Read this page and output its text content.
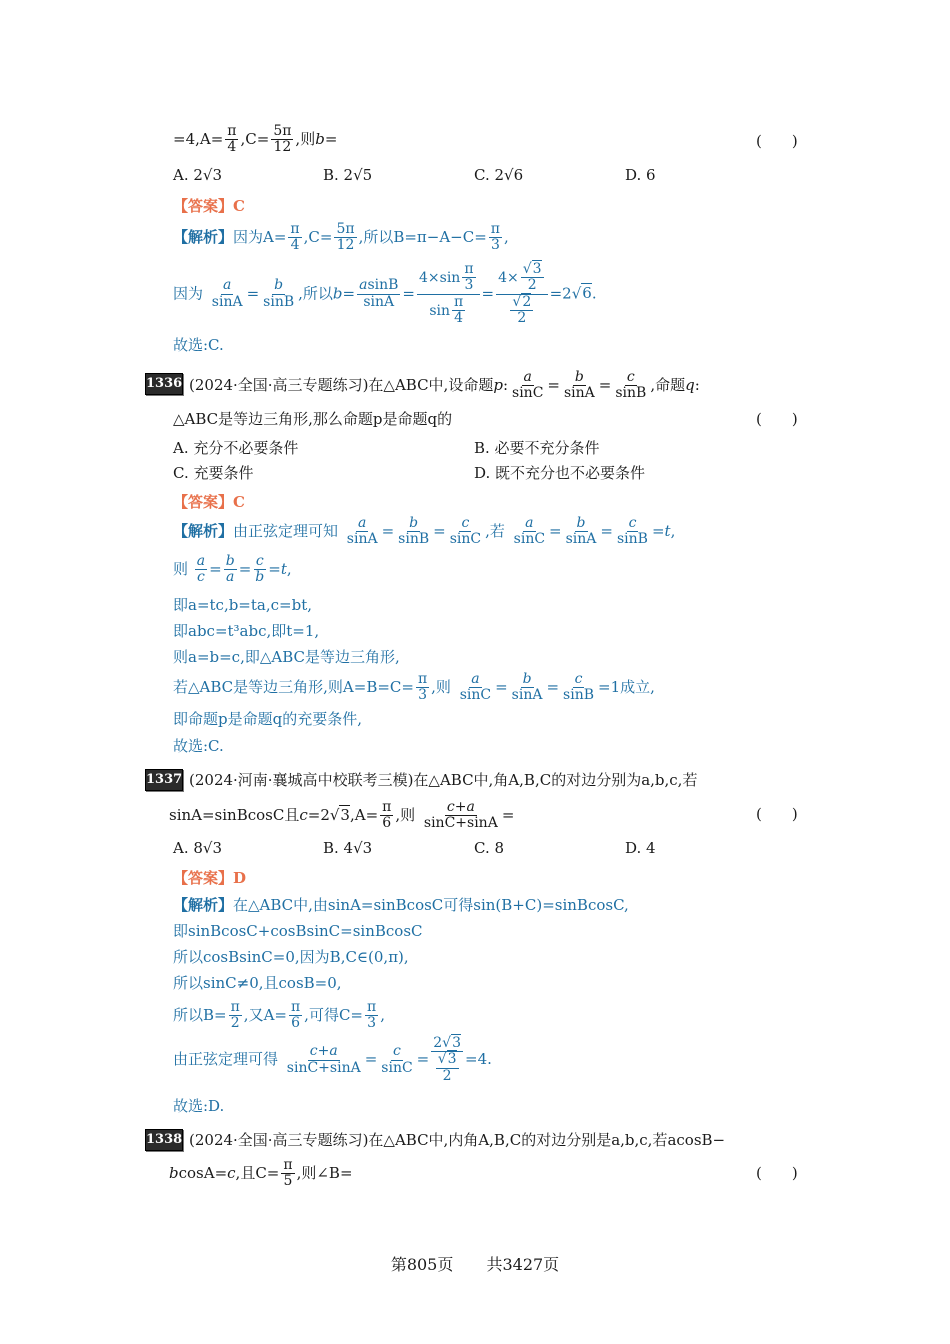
$=4,A= \frac{\pi}{4} ,C= \frac{5\pi}{12}$ ,则b=	(　　)
A. 2√3	B. 2√5	C. 2√6	D. 6
【答案】C
【解析】因为$A= \frac{\pi}{4} ,C= \frac{5\pi}{12}$ ,所以$B=\pi-A-C= \frac{\pi}{3}$ ,
因为 $\frac{a}{\sin A} = \frac{b}{\sin B}$ ,所以$b= \frac{asinB}{\sin A} = \frac{4\times\sin \frac{\pi}{3}}{\sin \frac{\pi}{4}} = \frac{4\times \frac{√3}{2}}{\frac{√2}{2}} =2√6$.
故选:C.
1336 (2024·全国·高三专题练习)在△ABC中,设命题p: $\frac{a}{\sin C} = \frac{b}{\sin A} = \frac{c}{\sin B}$ ,命题q:
△ABC是等边三角形,那么命题p是命题q的	(　　)
A. 充分不必要条件	B. 必要不充分条件
C. 充要条件	D. 既不充分也不必要条件
【答案】C
【解析】由正弦定理可知 $\frac{a}{\sin A} = \frac{b}{\sin B} = \frac{c}{\sin C}$ ,若 $\frac{a}{\sin C} = \frac{b}{\sin A} = \frac{c}{\sin B} =t$,
则 $\frac{a}{c} = \frac{b}{a} = \frac{c}{b} =t$,
即a=tc,b=ta,c=bt,
即abc=t³abc,即t=1,
则a=b=c,即△ABC是等边三角形,
若△ABC是等边三角形,则$A=B=C= \frac{\pi}{3}$ ,则 $\frac{a}{\sin C} = \frac{b}{\sin A} = \frac{c}{\sin B} =1$成立,
即命题p是命题q的充要条件,
故选:C.
1337 (2024·河南·襄城高中校联考三模)在△ABC中,角A,B,C的对边分别为a,b,c,若
sinA=sinBcosC且$c=2√3,A= \frac{\pi}{6}$ ,则 $\frac{c+a}{\sin C+\sin A}$ =	(　　)
A. 8√3	B. 4√3	C. 8	D. 4
【答案】D
【解析】在△ABC中,由sinA=sinBcosC可得sin(B+C)=sinBcosC,
即sinBcosC+cosBsinC=sinBcosC
所以cosBsinC=0,因为B,C∈(0,π),
所以sinC≠0,且cosB=0,
所以$B= \frac{\pi}{2}$ ,又$A= \frac{\pi}{6}$ ,可得$C= \frac{\pi}{3}$ ,
由正弦定理可得 $\frac{c+a}{\sin C+\sin A} = \frac{c}{\sin C} = \frac{2√3}{\frac{√3}{2}} =4$.
故选:D.
1338 (2024·全国·高三专题练习)在△ABC中,内角A,B,C的对边分别是a,b,c,若acosB−
bcosA=c,且$C= \frac{\pi}{5}$ ,则∠B=	(　　)
第805页 共3427页
